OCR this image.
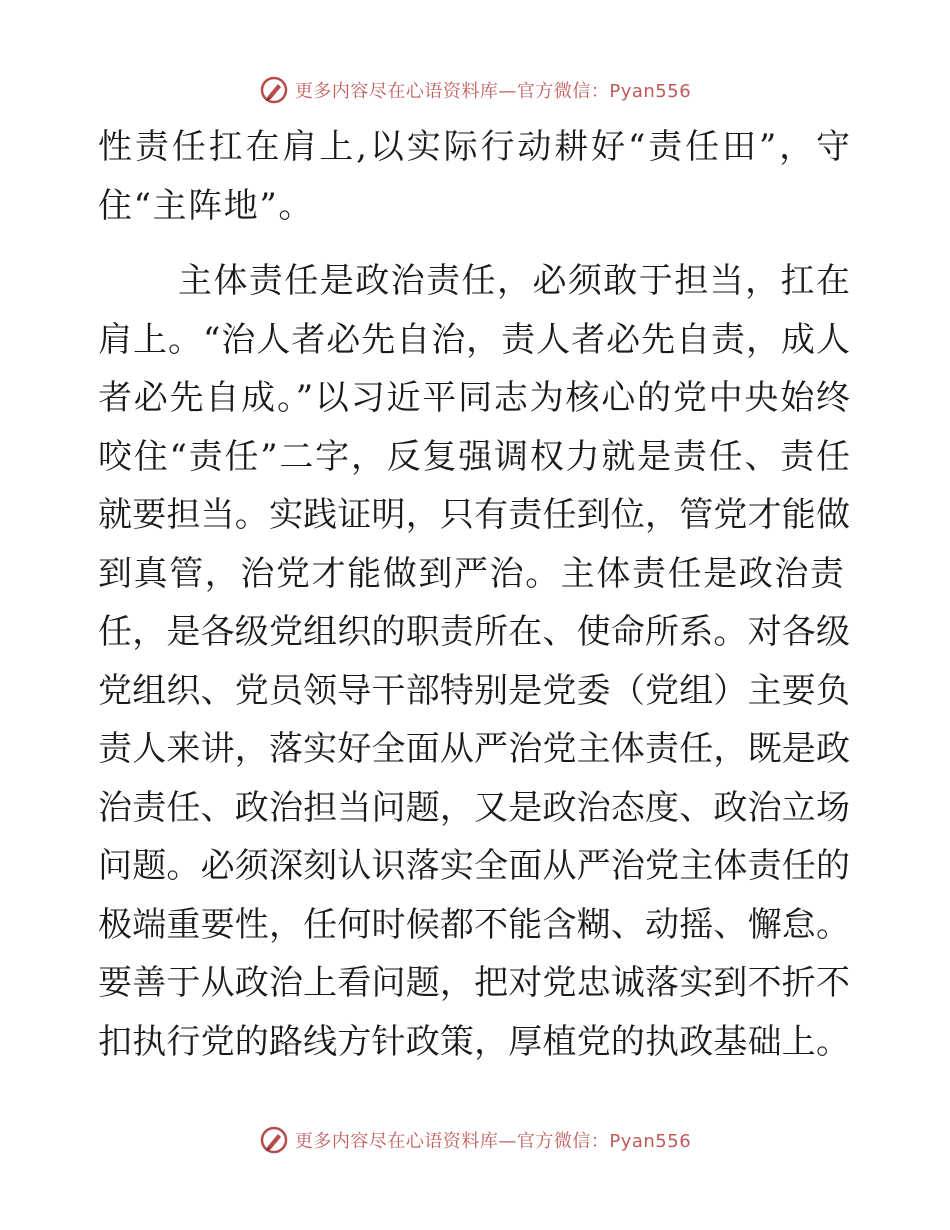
更多内容尽在心语资料库—官方微信：Pyan556
性责任扛在肩上,以实际行动耕好“责任田”，守
住“主阵地”。
主体责任是政治责任，必须敢于担当，扛在
肩上。“治人者必先自治，责人者必先自责，成人
者必先自成。”以习近平同志为核心的党中央始终
咬住“责任”二字，反复强调权力就是责任、责任
就要担当。实践证明，只有责任到位，管党才能做
到真管，治党才能做到严治。主体责任是政治责
任，是各级党组织的职责所在、使命所系。对各级
党组织、党员领导干部特别是党委（党组）主要负
责人来讲，落实好全面从严治党主体责任，既是政
治责任、政治担当问题，又是政治态度、政治立场
问题。必须深刻认识落实全面从严治党主体责任的
极端重要性，任何时候都不能含糊、动摇、懈怠。
要善于从政治上看问题，把对党忠诚落实到不折不
扣执行党的路线方针政策，厚植党的执政基础上。
更多内容尽在心语资料库—官方微信：Pyan556
